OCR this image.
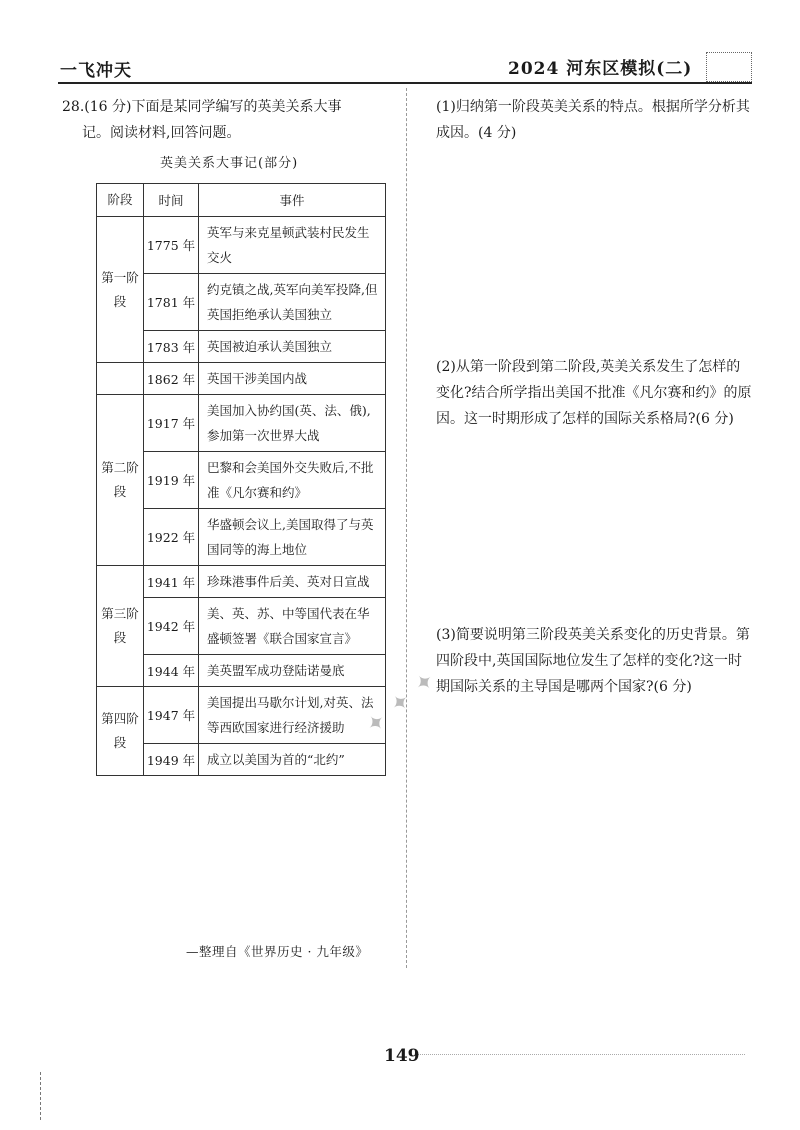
一飞冲天	2024 河东区模拟(二)
28.(16 分)下面是某同学编写的英美关系大事
记。阅读材料,回答问题。
英美关系大事记(部分)
阶段	时间	事件
第一阶段	1775 年	英军与来克星顿武装村民发生交火
	1781 年	约克镇之战,英军向美军投降,但英国拒绝承认美国独立
	1783 年	英国被迫承认美国独立
	1862 年	英国干涉美国内战
第二阶段	1917 年	美国加入协约国(英、法、俄),参加第一次世界大战
	1919 年	巴黎和会美国外交失败后,不批准《凡尔赛和约》
	1922 年	华盛顿会议上,美国取得了与英国同等的海上地位
第三阶段	1941 年	珍珠港事件后美、英对日宣战
	1942 年	美、英、苏、中等国代表在华盛顿签署《联合国家宣言》
	1944 年	美英盟军成功登陆诺曼底
第四阶段	1947 年	美国提出马歇尔计划,对英、法等西欧国家进行经济援助
	1949 年	成立以美国为首的“北约”
—整理自《世界历史 · 九年级》
✦ ✦ ✦
(1)归纳第一阶段英美关系的特点。根据所学分析其成因。(4 分)
(2)从第一阶段到第二阶段,英美关系发生了怎样的变化?结合所学指出美国不批准《凡尔赛和约》的原因。这一时期形成了怎样的国际关系格局?(6 分)
(3)简要说明第三阶段英美关系变化的历史背景。第四阶段中,英国国际地位发生了怎样的变化?这一时期国际关系的主导国是哪两个国家?(6 分)
149
